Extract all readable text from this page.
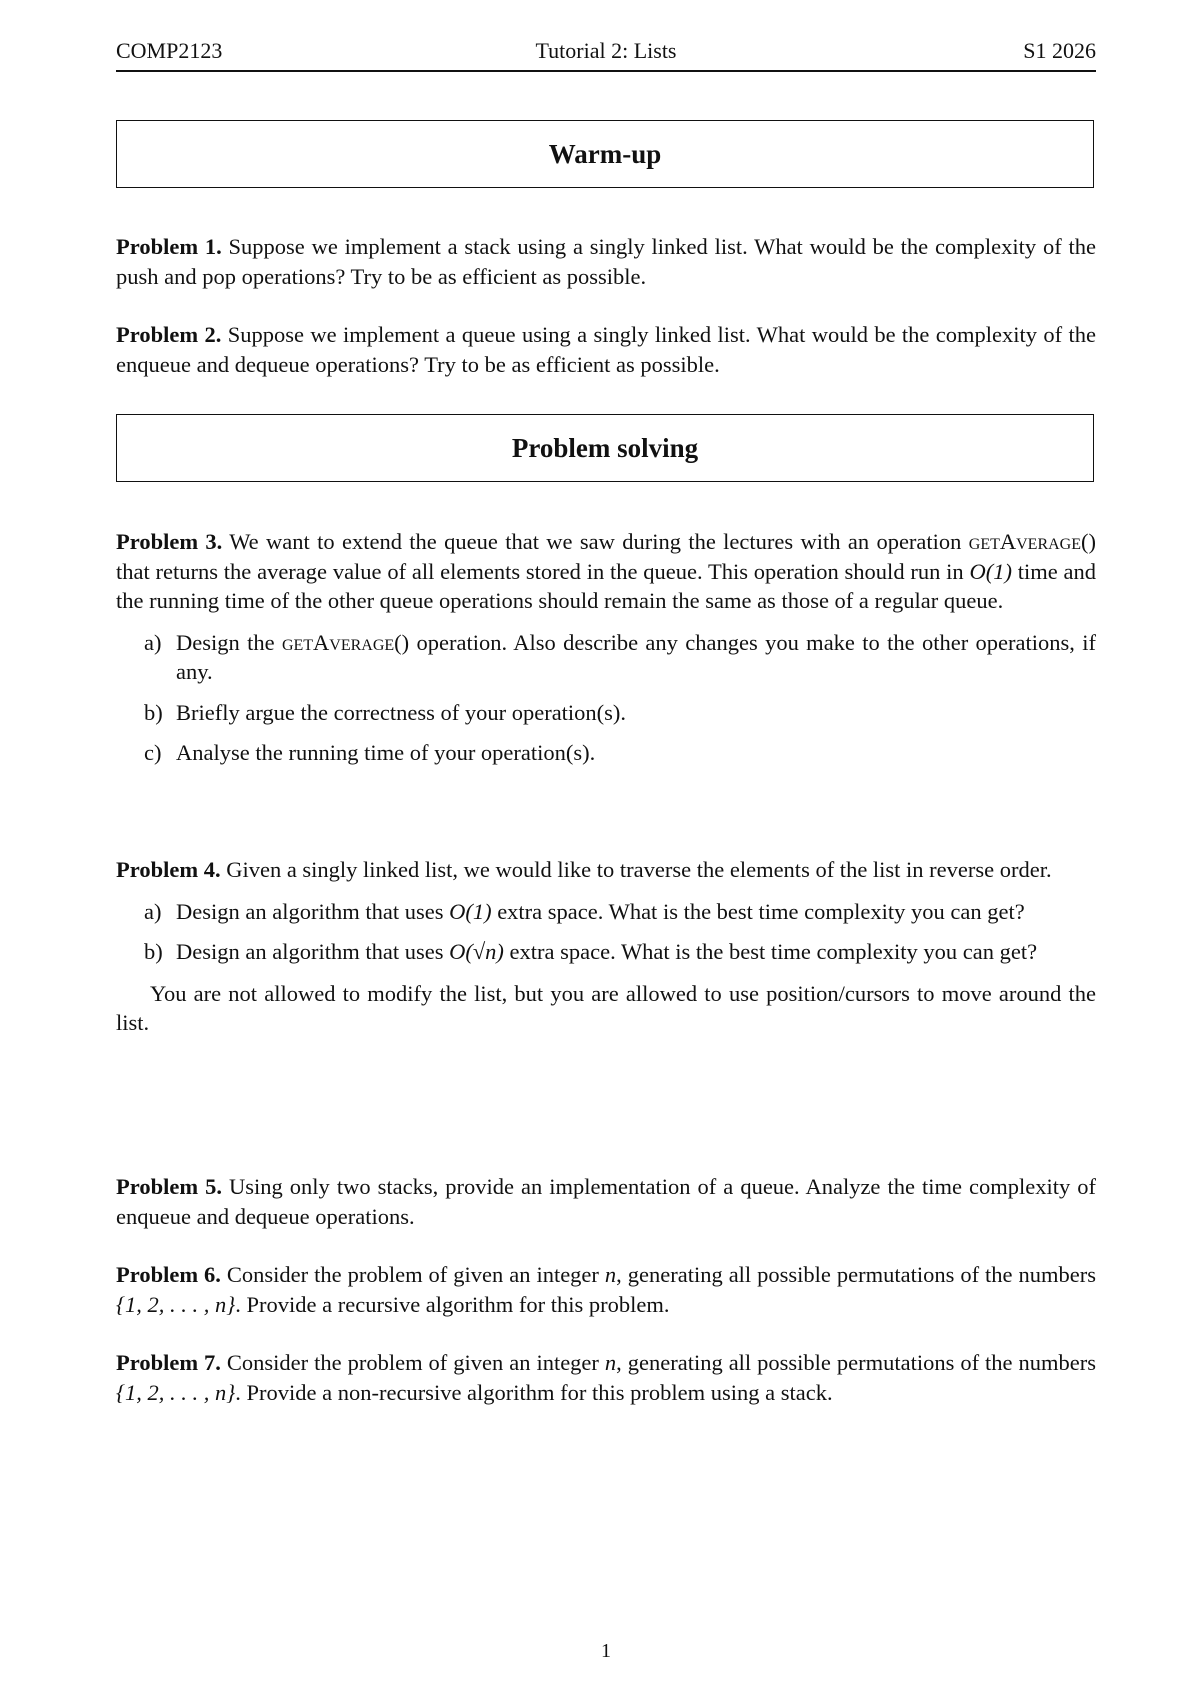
COMP2123	Tutorial 2: Lists	S1 2026
Warm-up

Problem 1. Suppose we implement a stack using a singly linked list. What would be the complexity of the push and pop operations? Try to be as efficient as possible.

Problem 2. Suppose we implement a queue using a singly linked list. What would be the complexity of the enqueue and dequeue operations? Try to be as efficient as possible.

Problem solving

Problem 3. We want to extend the queue that we saw during the lectures with an operation getAverage() that returns the average value of all elements stored in the queue. This operation should run in O(1) time and the running time of the other queue operations should remain the same as those of a regular queue.

a) Design the getAverage() operation. Also describe any changes you make to the other operations, if any.
b) Briefly argue the correctness of your operation(s).
c) Analyse the running time of your operation(s).

Problem 4. Given a singly linked list, we would like to traverse the elements of the list in reverse order.

a) Design an algorithm that uses O(1) extra space. What is the best time complexity you can get?
b) Design an algorithm that uses O(√n) extra space. What is the best time complexity you can get?

You are not allowed to modify the list, but you are allowed to use position/cursors to move around the list.

Problem 5. Using only two stacks, provide an implementation of a queue. Analyze the time complexity of enqueue and dequeue operations.

Problem 6. Consider the problem of given an integer n, generating all possible permutations of the numbers {1, 2, . . . , n}. Provide a recursive algorithm for this problem.

Problem 7. Consider the problem of given an integer n, generating all possible permutations of the numbers {1, 2, . . . , n}. Provide a non-recursive algorithm for this problem using a stack.

1
